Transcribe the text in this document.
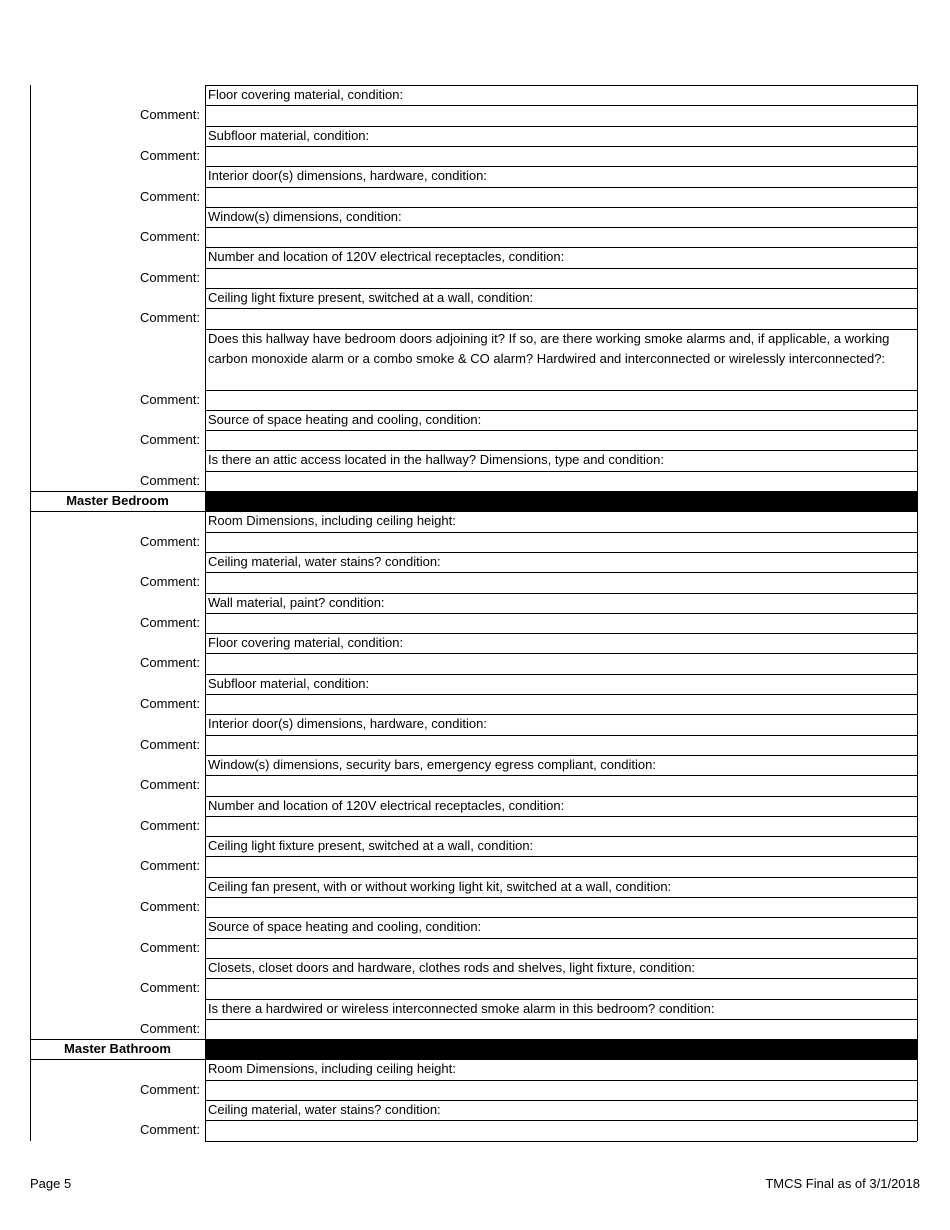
Floor covering material, condition:
Comment:
Subfloor material, condition:
Comment:
Interior door(s) dimensions, hardware, condition:
Comment:
Window(s) dimensions, condition:
Comment:
Number and location of 120V electrical receptacles, condition:
Comment:
Ceiling light fixture present, switched at a wall, condition:
Comment:
Does this hallway have bedroom doors adjoining it? If so, are there working smoke alarms and, if applicable, a working carbon monoxide alarm or a combo smoke & CO alarm? Hardwired and interconnected or wirelessly interconnected?:
Comment:
Source of space heating and cooling, condition:
Comment:
Is there an attic access located in the hallway? Dimensions, type and condition:
Comment:
Master Bedroom
Room Dimensions, including ceiling height:
Comment:
Ceiling material, water stains? condition:
Comment:
Wall material, paint? condition:
Comment:
Floor covering material, condition:
Comment:
Subfloor material, condition:
Comment:
Interior door(s) dimensions, hardware, condition:
Comment:
Window(s) dimensions, security bars, emergency egress compliant, condition:
Comment:
Number and location of 120V electrical receptacles, condition:
Comment:
Ceiling light fixture present, switched at a wall, condition:
Comment:
Ceiling fan present, with or without working light kit, switched at a wall, condition:
Comment:
Source of space heating and cooling, condition:
Comment:
Closets, closet doors and hardware, clothes rods and shelves, light fixture, condition:
Comment:
Is there a hardwired or wireless interconnected smoke alarm in this bedroom? condition:
Comment:
Master Bathroom
Room Dimensions, including ceiling height:
Comment:
Ceiling material, water stains? condition:
Comment:
Page 5	TMCS Final as of 3/1/2018
